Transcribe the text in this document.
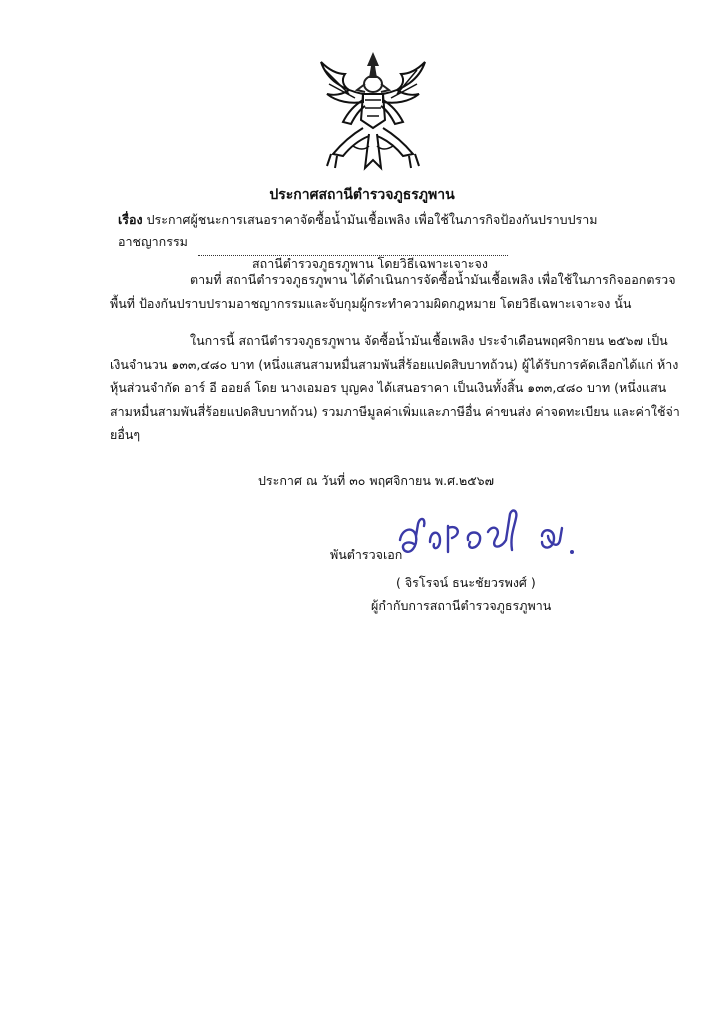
ประกาศสถานีตำรวจภูธรภูพาน
เรื่อง ประกาศผู้ชนะการเสนอราคาจัดซื้อน้ำมันเชื้อเพลิง เพื่อใช้ในภารกิจป้องกันปราบปรามอาชญากรรม
สถานีตำรวจภูธรภูพาน โดยวิธีเฉพาะเจาะจง
ตามที่ สถานีตำรวจภูธรภูพาน ได้ดำเนินการจัดซื้อน้ำมันเชื้อเพลิง เพื่อใช้ในภารกิจออกตรวจพื้นที่ ป้องกันปราบปรามอาชญากรรมและจับกุมผู้กระทำความผิดกฎหมาย โดยวิธีเฉพาะเจาะจง นั้น
ในการนี้ สถานีตำรวจภูธรภูพาน จัดซื้อน้ำมันเชื้อเพลิง ประจำเดือนพฤศจิกายน ๒๕๖๗ เป็นเงินจำนวน ๑๓๓,๔๘๐ บาท (หนึ่งแสนสามหมื่นสามพันสี่ร้อยแปดสิบบาทถ้วน) ผู้ได้รับการคัดเลือกได้แก่ ห้างหุ้นส่วนจำกัด อาร์ อี ออยล์ โดย นางเอมอร บุญคง ได้เสนอราคา เป็นเงินทั้งสิ้น ๑๓๓,๔๘๐ บาท (หนึ่งแสนสามหมื่นสามพันสี่ร้อยแปดสิบบาทถ้วน) รวมภาษีมูลค่าเพิ่มและภาษีอื่น ค่าขนส่ง ค่าจดทะเบียน และค่าใช้จ่ายอื่นๆ
ประกาศ ณ วันที่ ๓๐ พฤศจิกายน พ.ศ.๒๕๖๗
พันตำรวจเอก
( จิรโรจน์ ธนะชัยวรพงศ์ )
ผู้กำกับการสถานีตำรวจภูธรภูพาน
